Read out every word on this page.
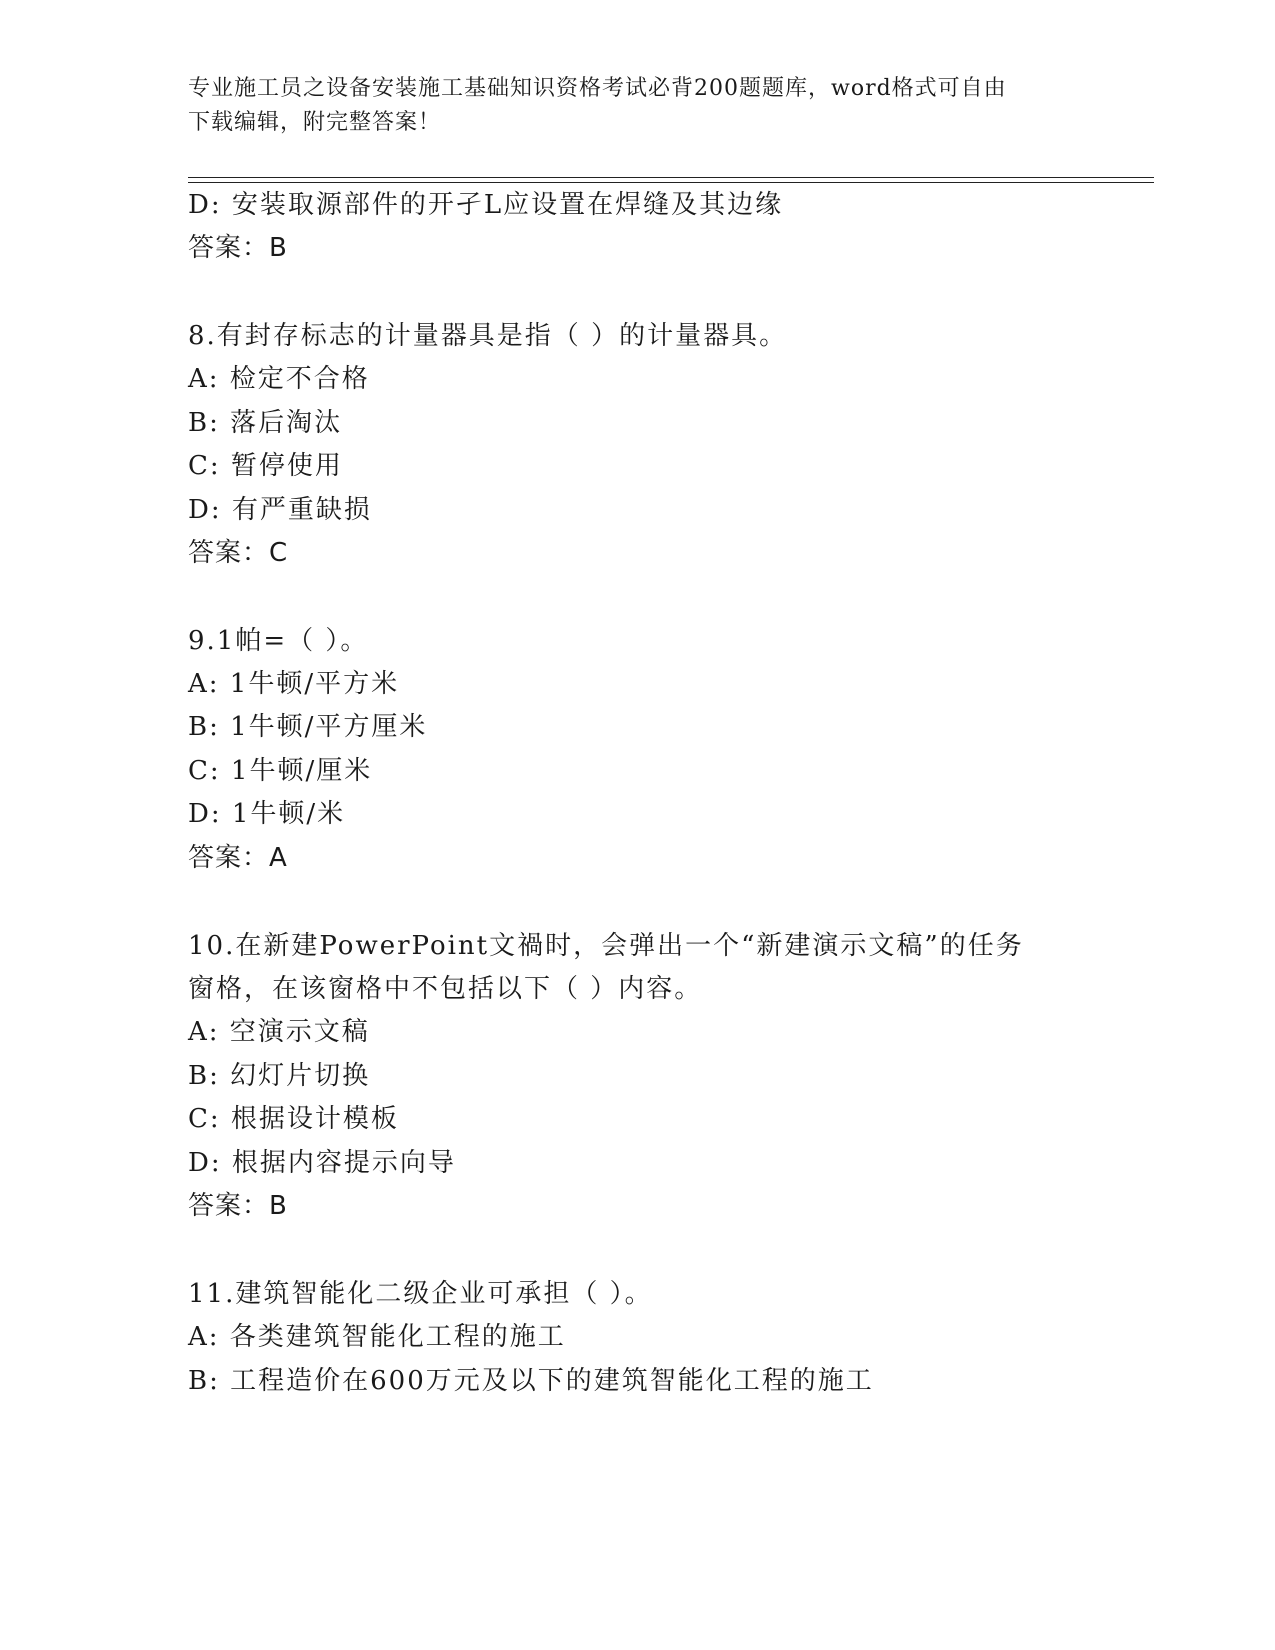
专业施工员之设备安装施工基础知识资格考试必背200题题库，word格式可自由
下载编辑，附完整答案！
D: 安装取源部件的开孑L应设置在焊缝及其边缘
答案：B
8.有封存标志的计量器具是指（ ）的计量器具。
A: 检定不合格
B: 落后淘汰
C: 暂停使用
D: 有严重缺损
答案：C
9.1帕=（ ）。
A: 1牛顿/平方米
B: 1牛顿/平方厘米
C: 1牛顿/厘米
D: 1牛顿/米
答案：A
10.在新建PowerPoint文禍时，会弹出一个“新建演示文稿”的任务
窗格，在该窗格中不包括以下（ ）内容。
A: 空演示文稿
B: 幻灯片切换
C: 根据设计模板
D: 根据内容提示向导
答案：B
11.建筑智能化二级企业可承担（ ）。
A: 各类建筑智能化工程的施工
B: 工程造价在600万元及以下的建筑智能化工程的施工
